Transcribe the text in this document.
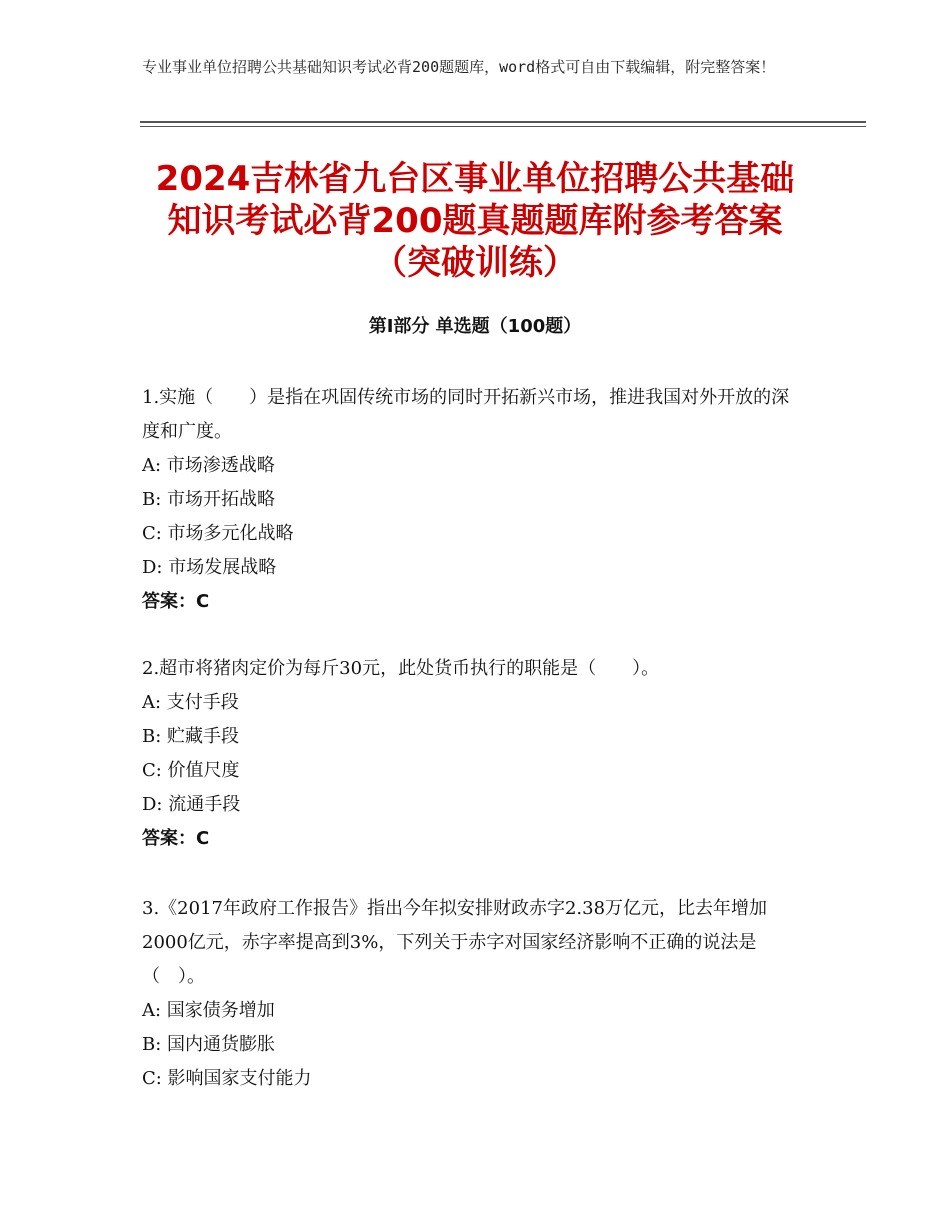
专业事业单位招聘公共基础知识考试必背200题题库，word格式可自由下载编辑，附完整答案！
2024吉林省九台区事业单位招聘公共基础知识考试必背200题真题题库附参考答案（突破训练）
第Ⅰ部分 单选题（100题）

1.实施（　　）是指在巩固传统市场的同时开拓新兴市场，推进我国对外开放的深度和广度。

A: 市场渗透战略

B: 市场开拓战略

C: 市场多元化战略

D: 市场发展战略

答案：C

2.超市将猪肉定价为每斤30元，此处货币执行的职能是（　　）。

A: 支付手段

B: 贮藏手段

C: 价值尺度

D: 流通手段

答案：C

3.《2017年政府工作报告》指出今年拟安排财政赤字2.38万亿元，比去年增加2000亿元，赤字率提高到3%，下列关于赤字对国家经济影响不正确的说法是（　）。

A: 国家债务增加

B: 国内通货膨胀

C: 影响国家支付能力
